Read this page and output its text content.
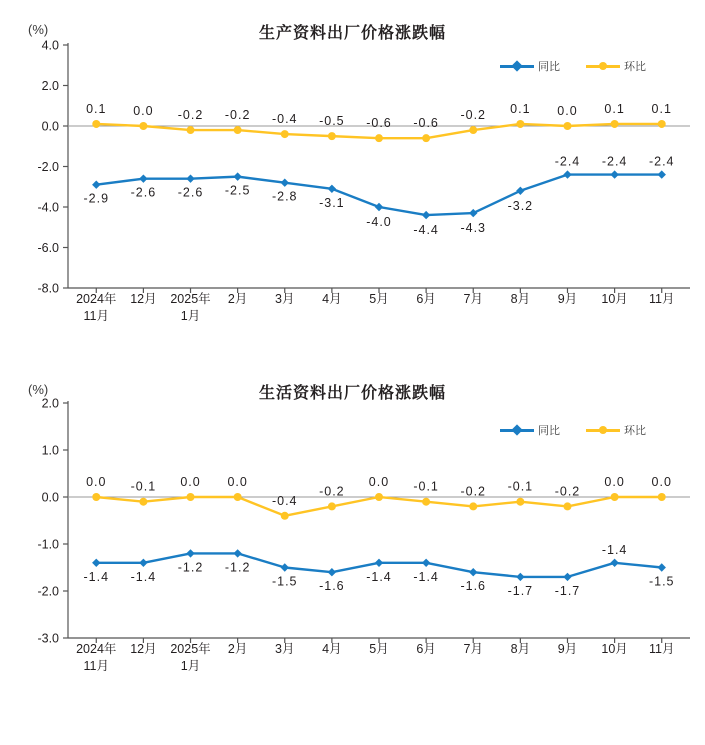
(%)	生产资料出厂价格涨跌幅
同比	环比
4.0
2.0
0.0
-2.0
-4.0
-6.0
-8.0
2024年
11月
12月 2025年
1月
2月 3月 4月 5月 6月 7月 8月 9月 10月 11月
-2.9 -2.6 -2.6 -2.5 -2.8 -3.1
-4.0
-4.4 -4.3
-3.2
-2.4 -2.4 -2.4
0.1 0.0 -0.2 -0.2 -0.4 -0.5 -0.6 -0.6
-0.2 0.1 0.0 0.1 0.1
(%)	生活资料出厂价格涨跌幅
同比	环比
2.0
1.0
0.0
-1.0
-2.0
-3.0
2024年
11月
12月 2025年
1月
2月 3月 4月 5月 6月 7月 8月 9月 10月 11月
-1.4 -1.4
-1.2 -1.2
-1.5 -1.6
-1.4 -1.4
-1.6 -1.7 -1.7
-1.4
-1.5
0.0 -0.1 0.0 0.0
-0.4
-0.2
0.0 -0.1 -0.2 -0.1 -0.2
0.0 0.0
